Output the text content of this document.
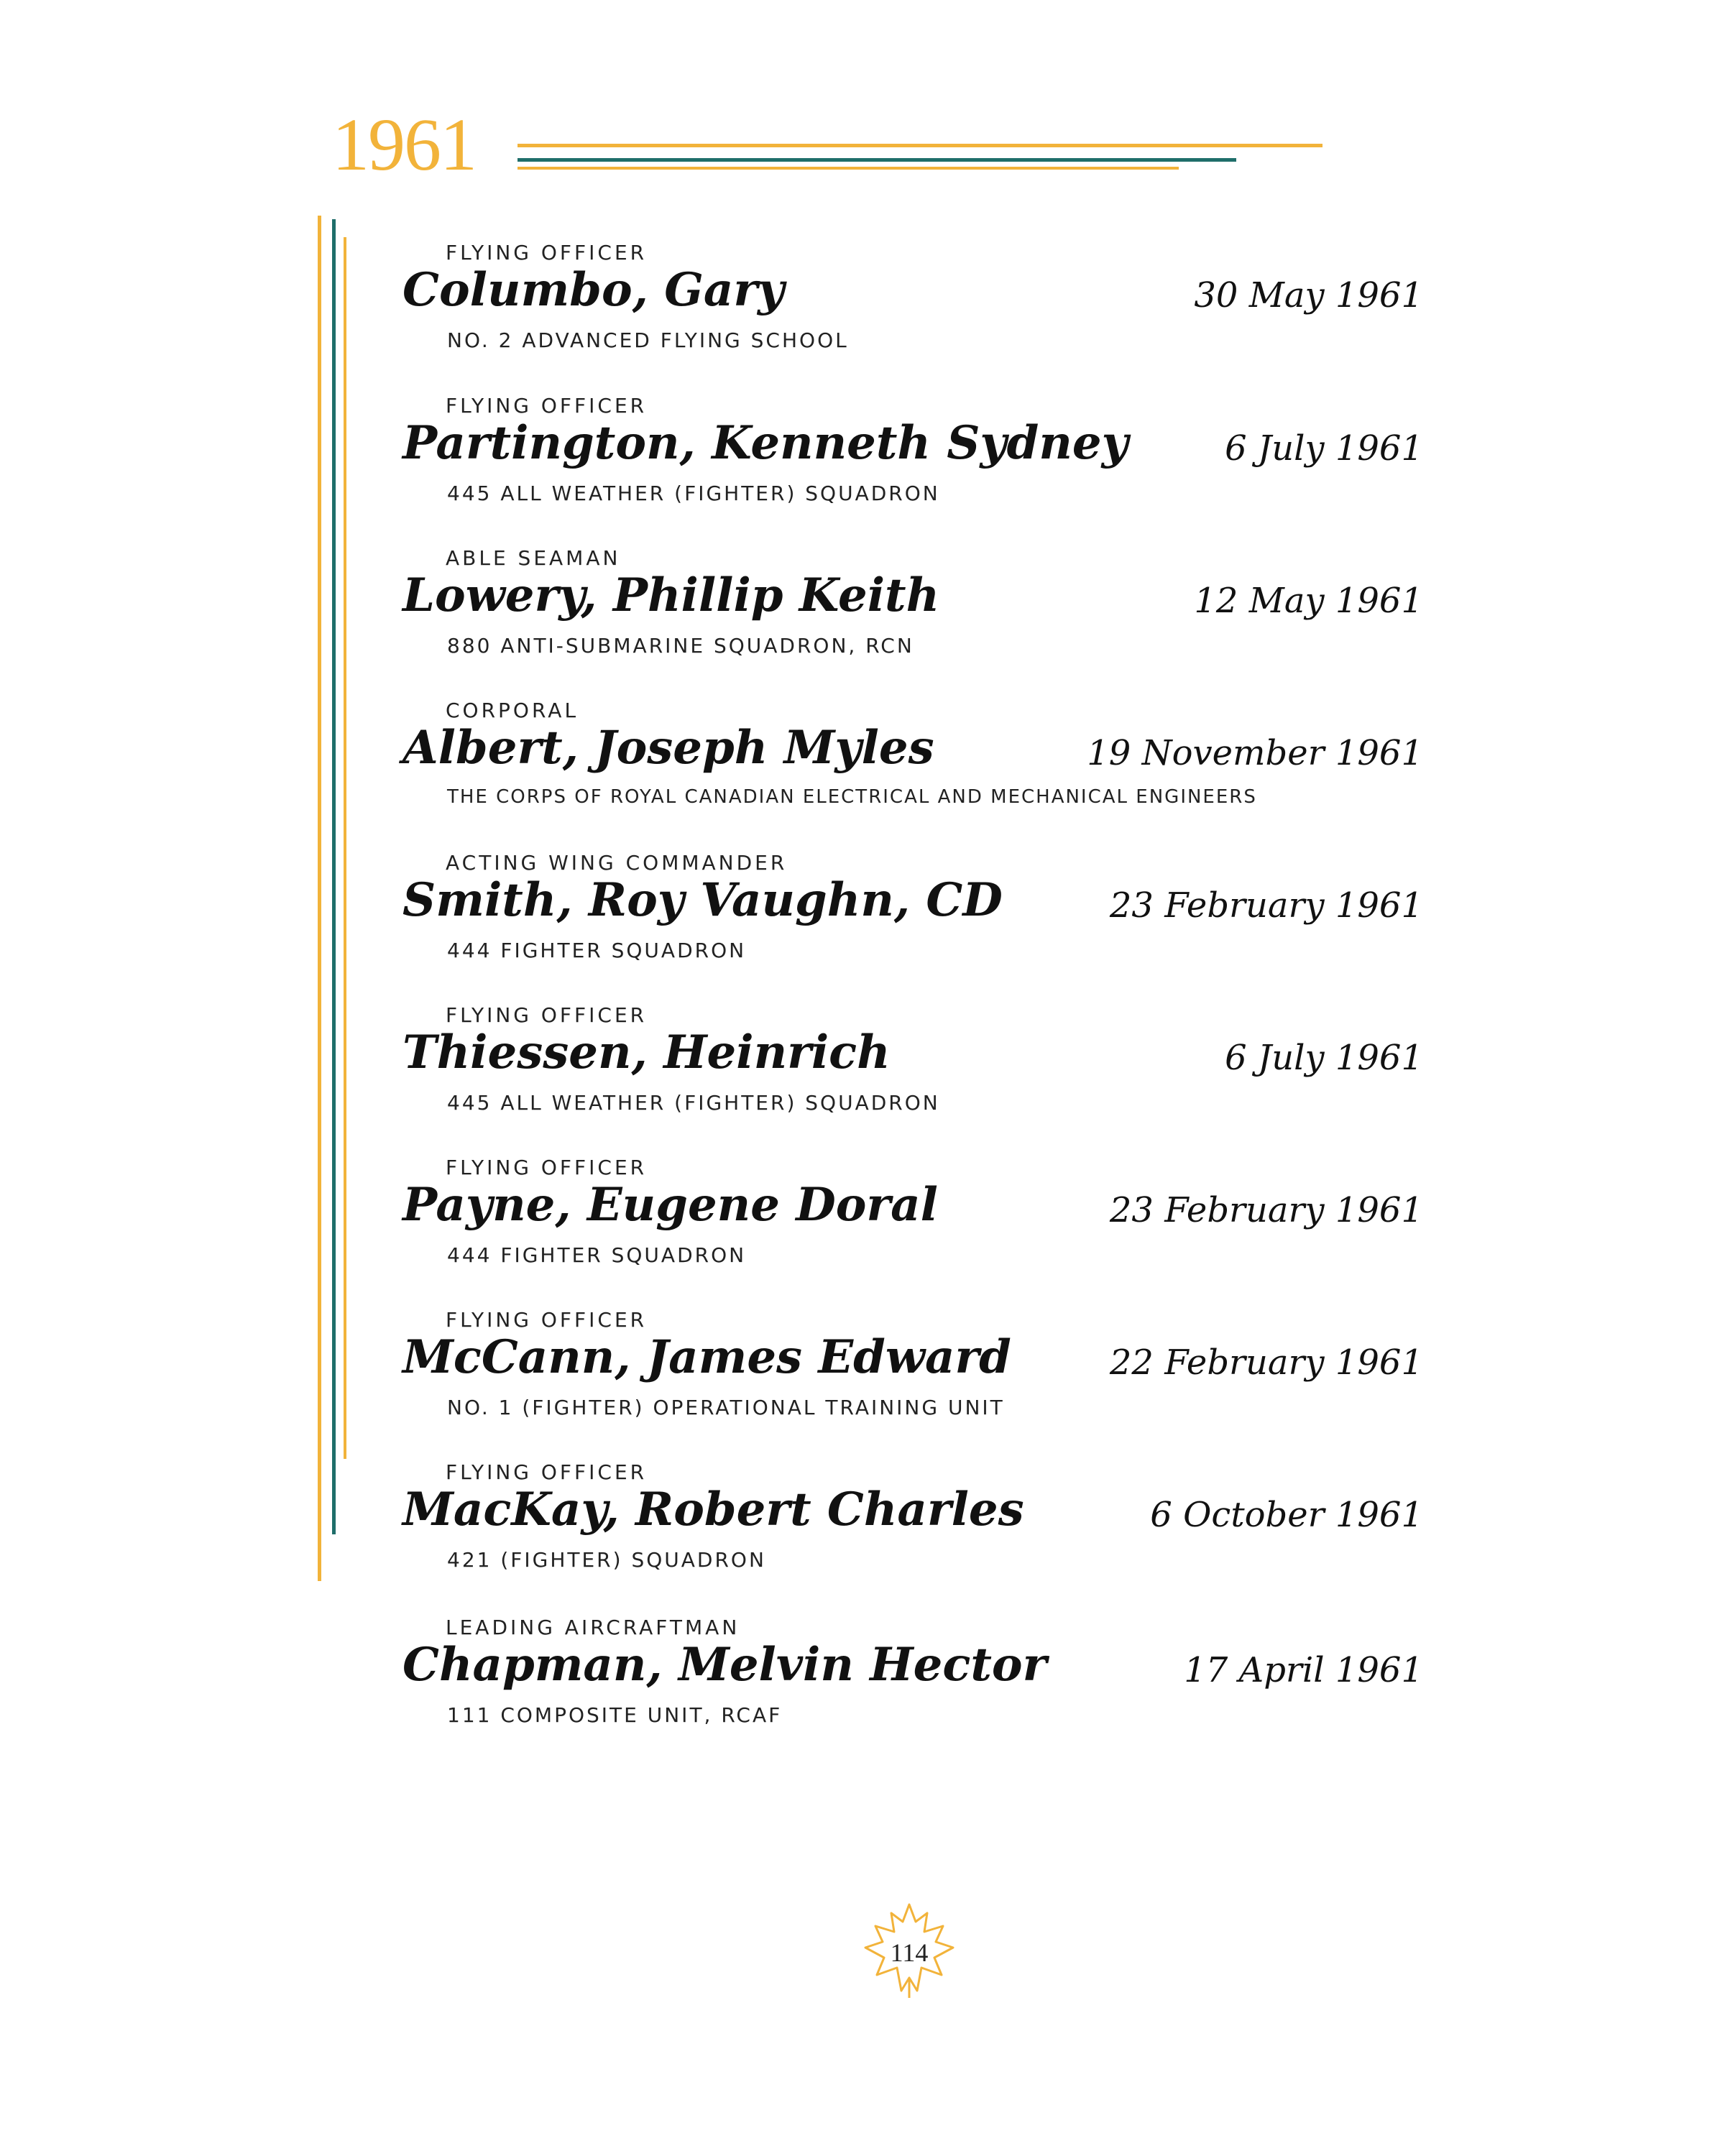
1961
FLYING OFFICER
Columbo, Gary
NO. 2 ADVANCED FLYING SCHOOL
30 May 1961
FLYING OFFICER
Partington, Kenneth Sydney
445 ALL WEATHER (FIGHTER) SQUADRON
6 July 1961
ABLE SEAMAN
Lowery, Phillip Keith
880 ANTI-SUBMARINE SQUADRON, RCN
12 May 1961
CORPORAL
Albert, Joseph Myles
THE CORPS OF ROYAL CANADIAN ELECTRICAL AND MECHANICAL ENGINEERS
19 November 1961
ACTING WING COMMANDER
Smith, Roy Vaughn, CD
444 FIGHTER SQUADRON
23 February 1961
FLYING OFFICER
Thiessen, Heinrich
445 ALL WEATHER (FIGHTER) SQUADRON
6 July 1961
FLYING OFFICER
Payne, Eugene Doral
444 FIGHTER SQUADRON
23 February 1961
FLYING OFFICER
McCann, James Edward
NO. 1 (FIGHTER) OPERATIONAL TRAINING UNIT
22 February 1961
FLYING OFFICER
MacKay, Robert Charles
421 (FIGHTER) SQUADRON
6 October 1961
LEADING AIRCRAFTMAN
Chapman, Melvin Hector
111 COMPOSITE UNIT, RCAF
17 April 1961
114
